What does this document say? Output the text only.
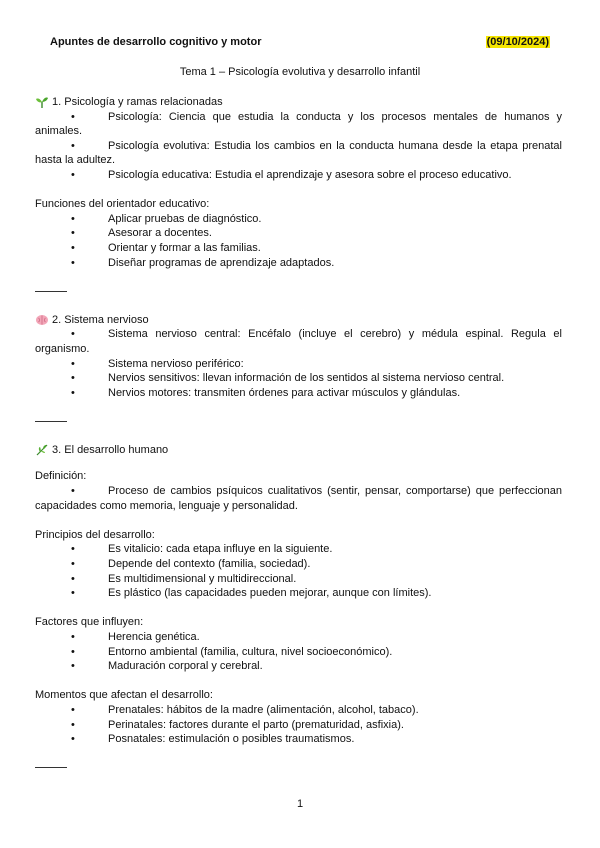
Apuntes de desarrollo cognitivo y motor	(09/10/2024)
Tema 1 – Psicología evolutiva y desarrollo infantil
1. Psicología y ramas relacionadas
•	Psicología: Ciencia que estudia la conducta y los procesos mentales de humanos y animales.
•	Psicología evolutiva: Estudia los cambios en la conducta humana desde la etapa prenatal hasta la adultez.
•	Psicología educativa: Estudia el aprendizaje y asesora sobre el proceso educativo.

Funciones del orientador educativo:

•	Aplicar pruebas de diagnóstico.
•	Asesorar a docentes.
•	Orientar y formar a las familias.
•	Diseñar programas de aprendizaje adaptados.
2. Sistema nervioso
•	Sistema nervioso central: Encéfalo (incluye el cerebro) y médula espinal. Regula el organismo.
•	Sistema nervioso periférico:
•	Nervios sensitivos: llevan información de los sentidos al sistema nervioso central.
•	Nervios motores: transmiten órdenes para activar músculos y glándulas.
3. El desarrollo humano

Definición:

•	Proceso de cambios psíquicos cualitativos (sentir, pensar, comportarse) que perfeccionan capacidades como memoria, lenguaje y personalidad.

Principios del desarrollo:

•	Es vitalicio: cada etapa influye en la siguiente.
•	Depende del contexto (familia, sociedad).
•	Es multidimensional y multidireccional.
•	Es plástico (las capacidades pueden mejorar, aunque con límites).

Factores que influyen:

•	Herencia genética.
•	Entorno ambiental (familia, cultura, nivel socioeconómico).
•	Maduración corporal y cerebral.

Momentos que afectan el desarrollo:

•	Prenatales: hábitos de la madre (alimentación, alcohol, tabaco).
•	Perinatales: factores durante el parto (prematuridad, asfixia).
•	Posnatales: estimulación o posibles traumatismos.
1
